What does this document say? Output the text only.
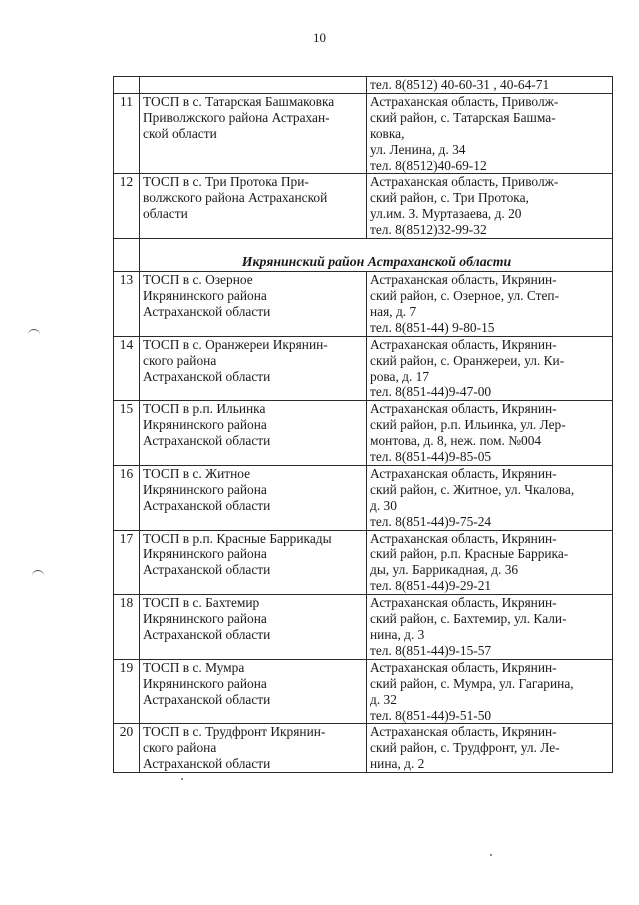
10

		тел. 8(8512) 40-60-31 , 40-64-71

11	ТОСП в с. Татарская Башмаковка
Приволжского района Астрахан-
ской области	Астраханская область, Приволж-
ский район, с. Татарская Башма-
ковка,
ул. Ленина, д. 34
тел. 8(8512)40-69-12

12	ТОСП в с. Три Протока При-
волжского района Астраханской
области	Астраханская область, Приволж-
ский район, с. Три Протока,
ул.им. З. Муртазаева, д. 20
тел. 8(8512)32-99-32

	Икрянинский район Астраханской области	

13	ТОСП в с. Озерное
Икрянинского района
Астраханской области	Астраханская область, Икрянин-
ский район, с. Озерное, ул. Степ-
ная, д. 7
тел. 8(851-44) 9-80-15

14	ТОСП в с. Оранжереи Икрянин-
ского района
Астраханской области	Астраханская область, Икрянин-
ский район, с. Оранжереи, ул. Ки-
рова, д. 17
тел. 8(851-44)9-47-00

15	ТОСП в р.п. Ильинка
Икрянинского района
Астраханской области	Астраханская область, Икрянин-
ский район, р.п. Ильинка, ул. Лер-
монтова, д. 8, неж. пом. №004
тел. 8(851-44)9-85-05

16	ТОСП в с. Житное
Икрянинского района
Астраханской области	Астраханская область, Икрянин-
ский район, с. Житное, ул. Чкалова,
д. 30
тел. 8(851-44)9-75-24

17	ТОСП в р.п. Красные Баррикады
Икрянинского района
Астраханской области	Астраханская область, Икрянин-
ский район, р.п. Красные Баррика-
ды, ул. Баррикадная, д. 36
тел. 8(851-44)9-29-21

18	ТОСП в с. Бахтемир
Икрянинского района
Астраханской области	Астраханская область, Икрянин-
ский район, с. Бахтемир, ул. Кали-
нина, д. 3
тел. 8(851-44)9-15-57

19	ТОСП в с. Мумра
Икрянинского района
Астраханской области	Астраханская область, Икрянин-
ский район, с. Мумра, ул. Гагарина,
д. 32
тел. 8(851-44)9-51-50

20	ТОСП в с. Трудфронт Икрянин-
ского района
Астраханской области	Астраханская область, Икрянин-
ский район, с. Трудфронт, ул. Ле-
нина, д. 2
